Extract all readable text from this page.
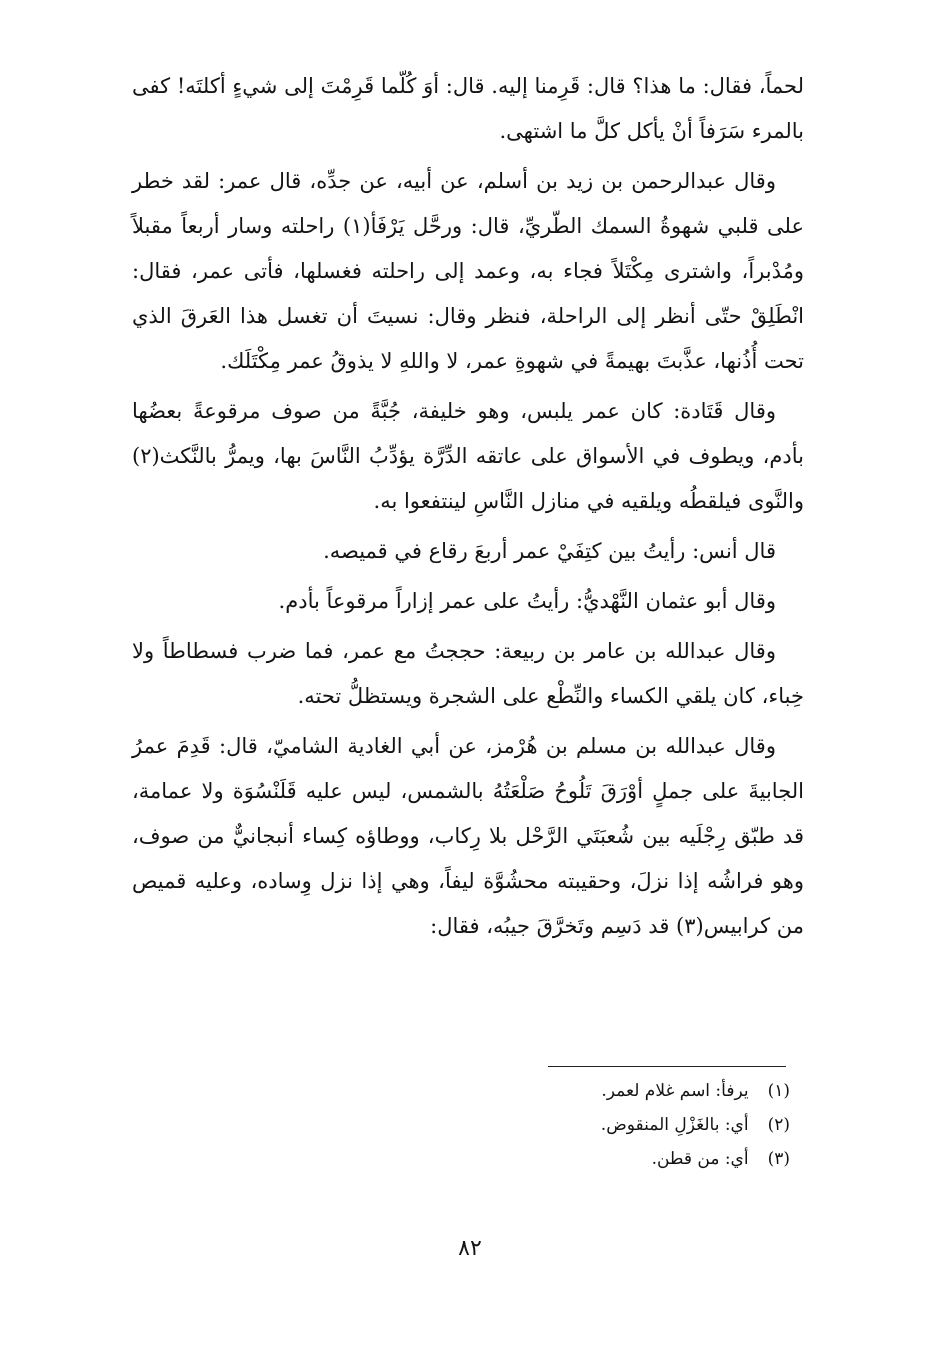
لحماً، فقال: ما هذا؟ قال: قَرِمنا إليه. قال: أوَ كُلّما قَرِمْتَ إلى شيءٍ أكلتَه! كفى بالمرء سَرَفاً أنْ يأكل كلَّ ما اشتهى.

وقال عبدالرحمن بن زيد بن أسلم، عن أبيه، عن جدِّه، قال عمر: لقد خطر على قلبي شهوةُ السمك الطّريِّ، قال: ورحَّل يَرْفَأ(١) راحلته وسار أربعاً مقبلاً ومُدْبراً، واشترى مِكْتَلاً فجاء به، وعمد إلى راحلته فغسلها، فأتى عمر، فقال: انْطَلِقْ حتّى أنظر إلى الراحلة، فنظر وقال: نسيتَ أن تغسل هذا العَرقَ الذي تحت أُذُنها، عذَّبتَ بهيمةً في شهوةِ عمر، لا واللهِ لا يذوقُ عمر مِكْتَلَك.

وقال قَتَادة: كان عمر يلبس، وهو خليفة، جُبَّةً من صوف مرقوعةً بعضُها بأدم، ويطوف في الأسواق على عاتقه الدِّرَّة يؤدِّبُ النَّاسَ بها، ويمرُّ بالنَّكث(٢) والنَّوى فيلقطُه ويلقيه في منازل النَّاسِ لينتفعوا به.

قال أنس: رأيتُ بين كتِفَيْ عمر أربعَ رقاع في قميصه.

وقال أبو عثمان النَّهْديُّ: رأيتُ على عمر إزاراً مرقوعاً بأدم.

وقال عبدالله بن عامر بن ربيعة: حججتُ مع عمر، فما ضرب فسطاطاً ولا خِباء، كان يلقي الكساء والنِّطْع على الشجرة ويستظلُّ تحته.

وقال عبدالله بن مسلم بن هُرْمز، عن أبي الغادية الشاميّ، قال: قَدِمَ عمرُ الجابيةَ على جملٍ أوْرَقَ تَلُوحُ صَلْعَتُهُ بالشمس، ليس عليه قَلَنْسُوَة ولا عمامة، قد طبّق رِجْلَيه بين شُعبَتَي الرَّحْل بلا رِكاب، ووطاؤه كِساء أنبجانيٌّ من صوف، وهو فراشُه إذا نزلَ، وحقيبته محشُوَّة ليفاً، وهي إذا نزل وِساده، وعليه قميص من كرابيس(٣) قد دَسِم وتَخرَّقَ جيبُه، فقال:

(١) يرفأ: اسم غلام لعمر.
(٢) أي: بالغَزْلِ المنقوض.
(٣) أي: من قطن.
٨٢
